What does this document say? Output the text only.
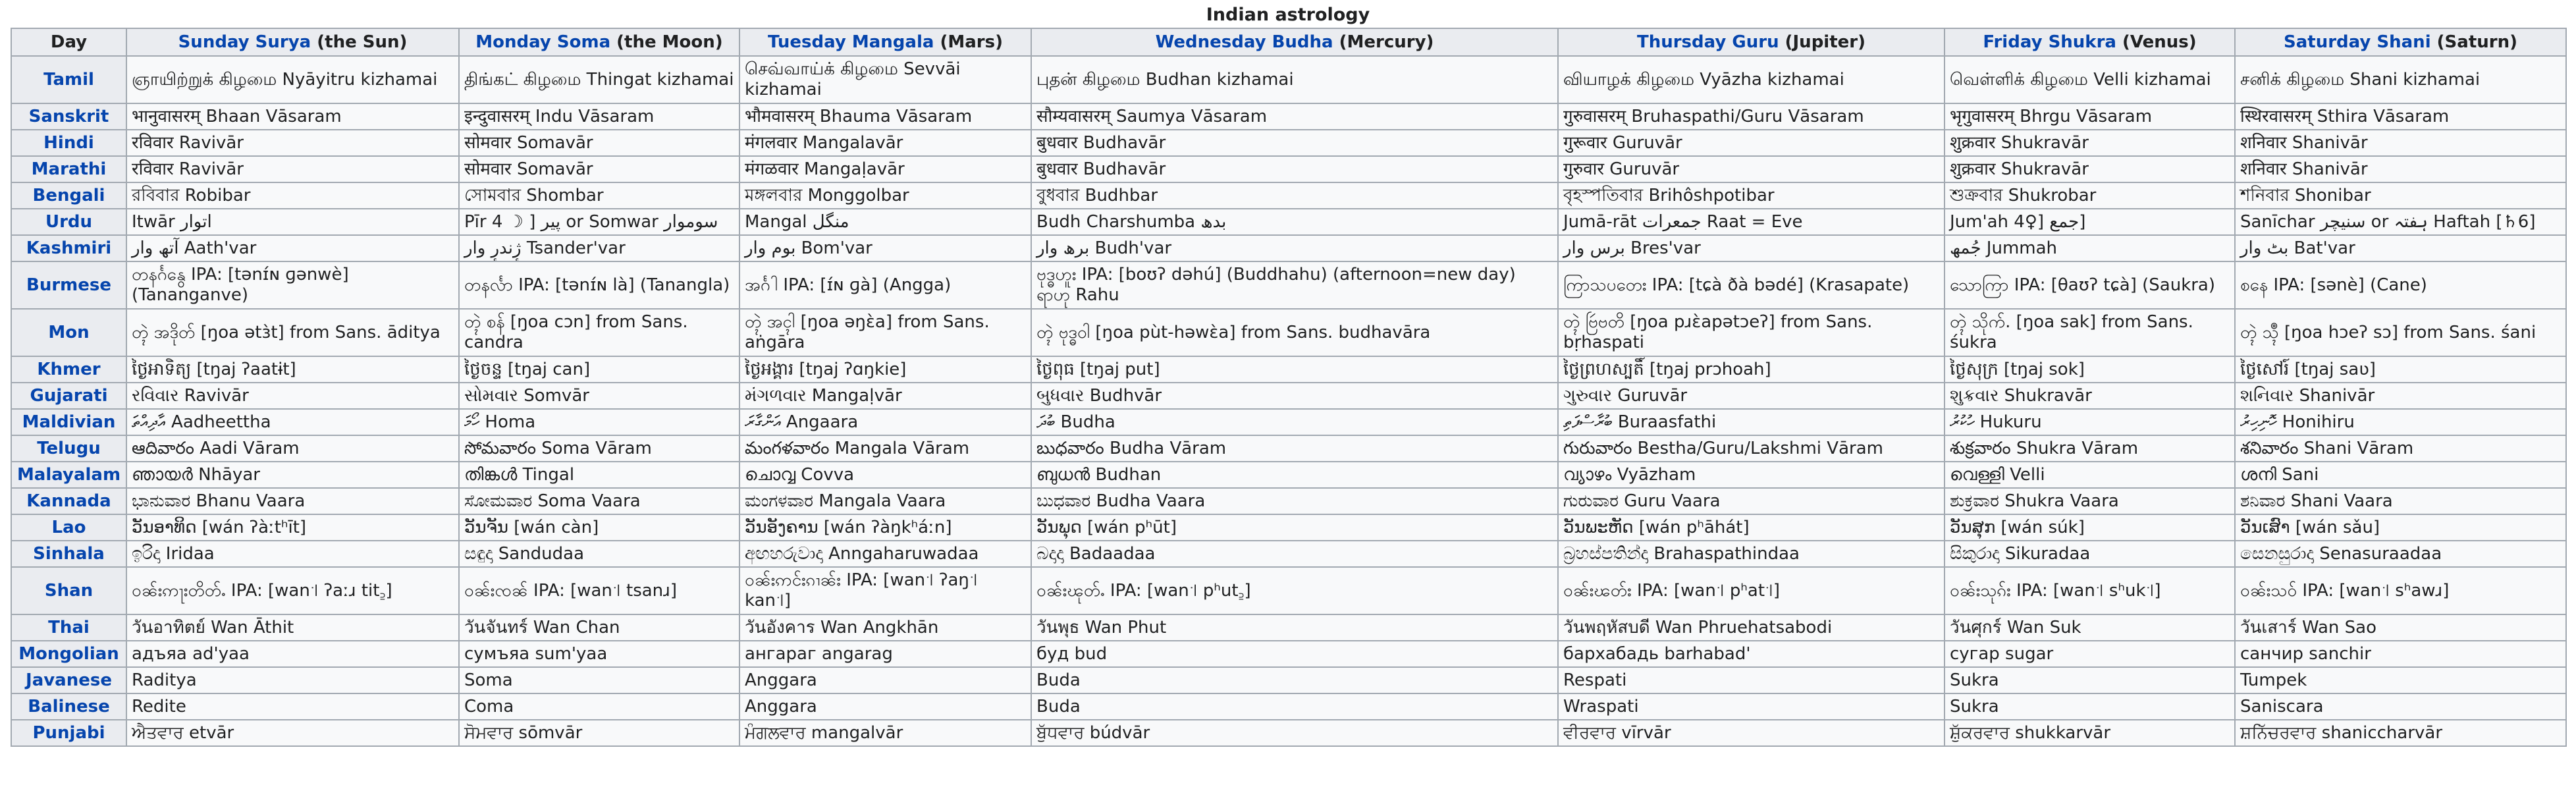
Indian astrology
Day	Sunday Surya (the Sun)	Monday Soma (the Moon)	Tuesday Mangala (Mars)	Wednesday Budha (Mercury)	Thursday Guru (Jupiter)	Friday Shukra (Venus)	Saturday Shani (Saturn)
Tamil	ஞாயிற்றுக் கிழமை Nyāyitru kizhamai	திங்கட் கிழமை Thingat kizhamai	செவ்வாய்க் கிழமை Sevvāi kizhamai	புதன் கிழமை Budhan kizhamai	வியாழக் கிழமை Vyāzha kizhamai	வெள்ளிக் கிழமை Velli kizhamai	சனிக் கிழமை Shani kizhamai
Sanskrit	भानुवासरम् Bhaan Vāsaram	इन्दुवासरम् Indu Vāsaram	भौमवासरम् Bhauma Vāsaram	सौम्यवासरम् Saumya Vāsaram	गुरुवासरम् Bruhaspathi/Guru Vāsaram	भृगुवासरम् Bhrgu Vāsaram	स्थिरवासरम् Sthira Vāsaram
Hindi	रविवार Ravivār	सोमवार Somavār	मंगलवार Mangalavār	बुधवार Budhavār	गुरूवार Guruvār	शुक्रवार Shukravār	शनिवार Shanivār
Marathi	रविवार Ravivār	सोमवार Somavār	मंगळवार Mangaḷavār	बुधवार Budhavār	गुरुवार Guruvār	शुक्रवार Shukravār	शनिवार Shanivār
Bengali	রবিবার Robibar	সোমবার Shombar	মঙ্গলবার Monggolbar	বুধবার Budhbar	বৃহস্পতিবার Brihôshpotibar	শুক্রবার Shukrobar	শনিবার Shonibar
Urdu	Itwār اتوار	Pīr 4 ☽ ] پیر or Somwar سوموار	Mangal منگل	Budh Charshumba بدھ	Jumā-rāt جمعرات Raat = Eve	Jum'ah 4♀] جمع]	Sanīchar سنیچر or ہفتہ Haftah [♄6]
Kashmiri	آتھ وار Aath'var	ژٕندرٕ وار Tsander'var	بوم وار Bom'var	برھ وار Budh'var	برس وار Bres'var	جُمھ Jummah	بٹ وار Bat'var
Burmese	တနင်္ဂနွေ IPA: [tənɪ́ɴ ɡənwè] (Tananganve)	တနင်္လာ IPA: [tənɪ́ɴ là] (Tanangla)	အင်္ဂါ IPA: [ɪ́ɴ ɡà] (Angga)	ဗုဒ္ဓဟူး IPA: [boʊʔ dəhú] (Buddhahu) (afternoon=new day) ရာဟု Rahu	ကြာသပတေး IPA: [tɕà ðà bədé] (Krasapate)	သောကြာ IPA: [θaʊʔ tɕà] (Saukra)	စနေ IPA: [sənè] (Cane)
Mon	တ္ၚဲ အဒိုတ် [ŋoa ətɜ̀t] from Sans. āditya	တ္ၚဲ စန် [ŋoa cɔn] from Sans. candra	တ္ၚဲ အၚါ [ŋoa əŋɛ̀a] from Sans. aṅgāra	တ္ၚဲ ဗုဒ္ဓဝါ [ŋoa pùt-həwɛ̀a] from Sans. budhavāra	တ္ၚဲ ဗြဴဗတိ [ŋoa pɹɛ̀apətɔeʔ] from Sans. bṛhaspati	တ္ၚဲ သိုက်. [ŋoa sak] from Sans. śukra	တ္ၚဲ သ္ၚဳ [ŋoa hɔeʔ sɔ] from Sans. śani
Khmer	ថ្ងៃអាទិត្យ [tŋaj ʔaatɨt]	ថ្ងៃចន្ទ [tŋaj can]	ថ្ងៃអង្គារ [tŋaj ʔɑŋkie]	ថ្ងៃពុធ [tŋaj put]	ថ្ងៃព្រហស្បតិ៍ [tŋaj prɔhoah]	ថ្ងៃសុក្រ [tŋaj sok]	ថ្ងៃសៅរ៍ [tŋaj saʋ]
Gujarati	રવિવાર Ravivār	સોમવાર Somvār	મંગળવાર Mangaḷvār	બુધવાર Budhvār	ગુરુવાર Guruvār	શુક્રવાર Shukravār	શનિવાર Shanivār
Maldivian	އާދިއްތަ Aadheettha	ހޯމަ Homa	އަންގާރަ Angaara	ބުދަ Budha	ބުރާސްފަތި Buraasfathi	ހުކުރު Hukuru	ހޮނިހިރު Honihiru
Telugu	ఆదివారం Aadi Vāram	సోమవారం Soma Vāram	మంగళవారం Mangala Vāram	బుధవారం Budha Vāram	గురువారం Bestha/Guru/Lakshmi Vāram	శుక్రవారం Shukra Vāram	శనివారం Shani Vāram
Malayalam	ഞായർ Nhāyar	തിങ്കൾ Tingal	ചൊവ്വ Covva	ബുധൻ Budhan	വ്യാഴം Vyāzham	വെള്ളി Velli	ശനി Sani
Kannada	ಭಾನುವಾರ Bhanu Vaara	ಸೋಮವಾರ Soma Vaara	ಮಂಗಳವಾರ Mangala Vaara	ಬುಧವಾರ Budha Vaara	ಗುರುವಾರ Guru Vaara	ಶುಕ್ರವಾರ Shukra Vaara	ಶನಿವಾರ Shani Vaara
Lao	ວັນອາທິດ [wán ʔàːtʰīt]	ວັນຈັນ [wán càn]	ວັນອັງຄານ [wán ʔàŋkʰáːn]	ວັນພຸດ [wán pʰūt]	ວັນພະຫັດ [wán pʰāhát]	ວັນສຸກ [wán súk]	ວັນເສົາ [wán sǎu]
Sinhala	ඉරිදා Iridaa	සඳුදා Sandudaa	අඟහරුවාදා Anngaharuwadaa	බදාදා Badaadaa	බ්‍රහස්පතින්දා Brahaspathindaa	සිකුරාදා Sikuradaa	සෙනසුරාදා Senasuraadaa
Shan	ဝၼ်းဢႃးတိတ်ႉ IPA: [wan꜉ ʔaːɹ tit꜇]	ဝၼ်းၸၼ် IPA: [wan꜉ tsanɹ]	ဝၼ်းဢင်းၵၢၼ်း IPA: [wan꜉ ʔaŋ꜉ kan꜉]	ဝၼ်းၽုတ်ႉ IPA: [wan꜉ pʰut꜇]	ဝၼ်းၽတ်း IPA: [wan꜉ pʰat꜉]	ဝၼ်းသုၵ်း IPA: [wan꜉ sʰuk꜉]	ဝၼ်းသဝ် IPA: [wan꜉ sʰawɹ]
Thai	วันอาทิตย์ Wan Āthit	วันจันทร์ Wan Chan	วันอังคาร Wan Angkhān	วันพุธ Wan Phut	วันพฤหัสบดี Wan Phruehatsabodi	วันศุกร์ Wan Suk	วันเสาร์ Wan Sao
Mongolian	адъяа ad'yaa	сумъяа sum'yaa	ангараг angarag	буд bud	бархабадь barhabad'	сугар sugar	санчир sanchir
Javanese	Raditya	Soma	Anggara	Buda	Respati	Sukra	Tumpek
Balinese	Redite	Coma	Anggara	Buda	Wraspati	Sukra	Saniscara
Punjabi	ਐਤਵਾਰ etvār	ਸੋਮਵਾਰ sōmvār	ਮੰਗਲਵਾਰ mangalvār	ਬੁੱਧਵਾਰ búdvār	ਵੀਰਵਾਰ vīrvār	ਸ਼ੁੱਕਰਵਾਰ shukkarvār	ਸ਼ਨਿੱਚਰਵਾਰ shaniccharvār
